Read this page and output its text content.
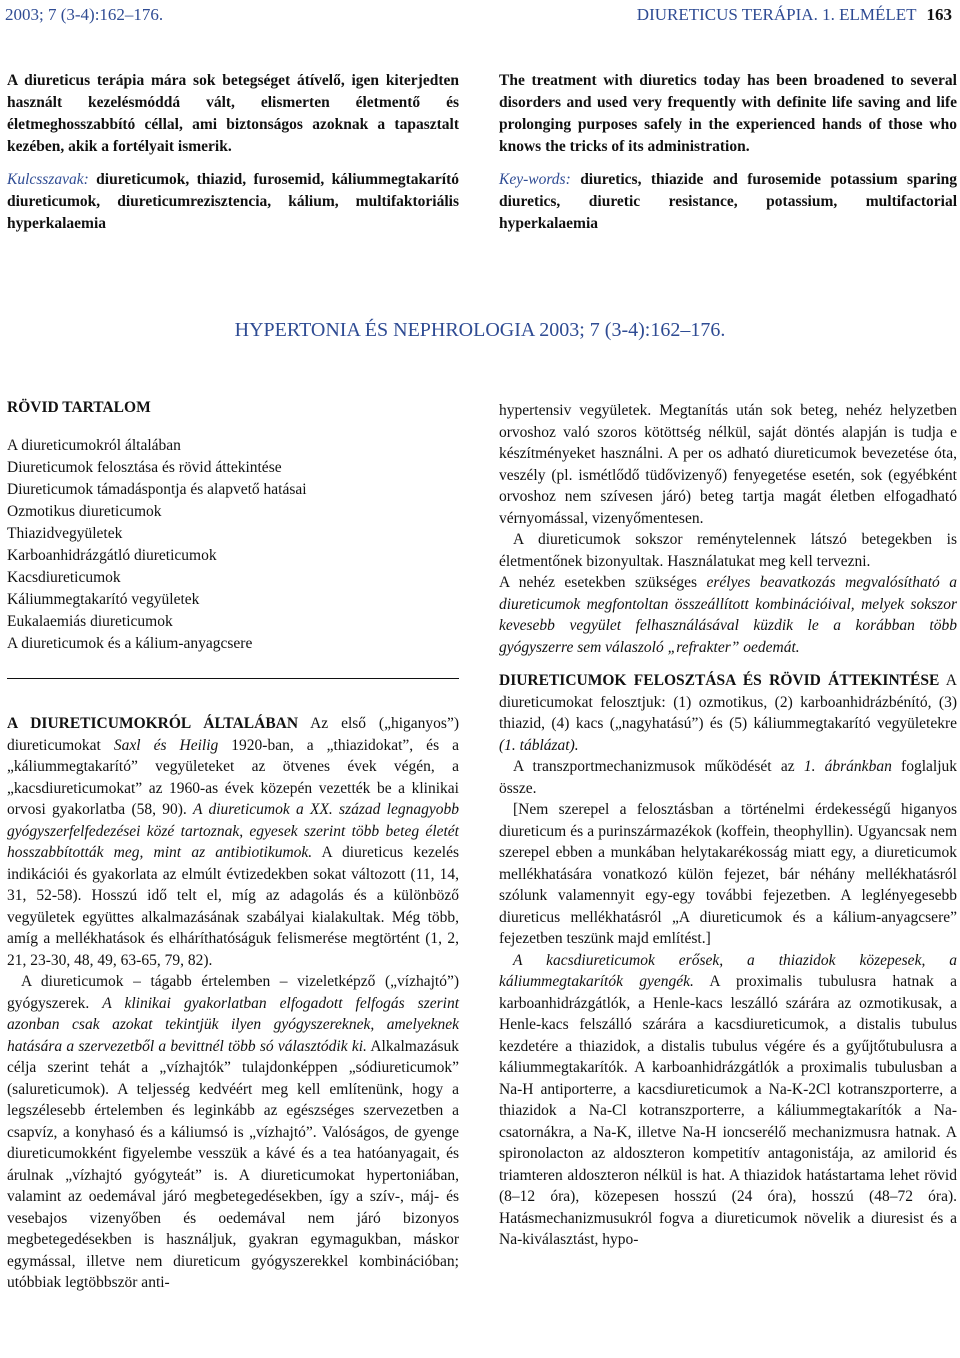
2003; 7 (3-4):162–176.	DIURETICUS TERÁPIA. 1. ELMÉLET 163

A diureticus terápia mára sok betegséget átívelő, igen kiterjedten használt kezelésmóddá vált, elismerten életmentő és életmeghosszabbító céllal, ami biztonságos azoknak a tapasztalt kezében, akik a fortélyait ismerik.

Kulcsszavak: diureticumok, thiazid, furosemid, káliummegtakarító diureticumok, diureticumrezisztencia, kálium, multifaktoriális hyperkalaemia

The treatment with diuretics today has been broadened to several disorders and used very frequently with definite life saving and life prolonging purposes safely in the experienced hands of those who knows the tricks of its administration.

Key-words: diuretics, thiazide and furosemide potassium sparing diuretics, diuretic resistance, potassium, multifactorial hyperkalaemia

HYPERTONIA ÉS NEPHROLOGIA 2003; 7 (3-4):162–176.
RÖVID TARTALOM
A diureticumokról általában
Diureticumok felosztása és rövid áttekintése
Diureticumok támadáspontja és alapvető hatásai
Ozmotikus diureticumok
Thiazidvegyületek
Karboanhidrázgátló diureticumok
Kacsdiureticumok
Káliummegtakarító vegyületek
Eukalaemiás diureticumok
A diureticumok és a kálium-anyagcsere

A DIURETICUMOKRÓL ÁLTALÁBAN Az első („higanyos”) diureticumokat Saxl és Heilig 1920-ban, a „thiazidokat”, és a „káliummegtakarító” vegyületeket az ötvenes évek végén, a „kacsdiureticumokat” az 1960-as évek közepén vezették be a klinikai orvosi gyakorlatba (58, 90). A diureticumok a XX. század legnagyobb gyógyszerfelfedezései közé tartoznak, egyesek szerint több beteg életét hosszabbították meg, mint az antibiotikumok. A diureticus kezelés indikációi és gyakorlata az elmúlt évtizedekben sokat változott (11, 14, 31, 52-58). Hosszú idő telt el, míg az adagolás és a különböző vegyületek együttes alkalmazásának szabályai kialakultak. Még több, amíg a mellékhatások és elháríthatóságuk felismerése megtörtént (1, 2, 21, 23-30, 48, 49, 63-65, 79, 82).

A diureticumok – tágabb értelemben – vizeletképző („vízhajtó”) gyógyszerek. A klinikai gyakorlatban elfogadott felfogás szerint azonban csak azokat tekintjük ilyen gyógyszereknek, amelyeknek hatására a szervezetből a bevittnél több só választódik ki. Alkalmazásuk célja szerint tehát a „vízhajtók” tulajdonképpen „sódiureticumok” (salureticumok). A teljesség kedvéért meg kell említenünk, hogy a legszélesebb értelemben és leginkább az egészséges szervezetben a csapvíz, a konyhasó és a káliumsó is „vízhajtó”. Valóságos, de gyenge diureticumokként figyelembe vesszük a kávé és a tea hatóanyagait, és árulnak „vízhajtó gyógyteát” is. A diureticumokat hypertoniában, valamint az oedemával járó megbetegedésekben, így a szív-, máj- és vesebajos vizenyőben és oedemával nem járó bizonyos megbetegedésekben is használjuk, gyakran egymagukban, máskor egymással, illetve nem diureticum gyógyszerekkel kombinációban; utóbbiak legtöbbször anti-

hypertensiv vegyületek. Megtanítás után sok beteg, nehéz helyzetben orvoshoz való szoros kötöttség nélkül, saját döntés alapján is tudja e készítményeket használni. A per os adható diureticumok bevezetése óta, veszély (pl. ismétlődő tüdővizenyő) fenyegetése esetén, sok (egyébként orvoshoz nem szívesen járó) beteg tartja magát életben elfogadható vérnyomással, vizenyőmentesen.

A diureticumok sokszor reménytelennek látszó betegekben is életmentőnek bizonyultak. Használatukat meg kell tervezni.

A nehéz esetekben szükséges erélyes beavatkozás megvalósítható a diureticumok megfontoltan összeállított kombinációival, melyek sokszor kevesebb vegyület felhasználásával küzdik le a korábban több gyógyszerre sem válaszoló „refrakter” oedemát.

DIURETICUMOK FELOSZTÁSA ÉS RÖVID ÁTTEKINTÉSE A diureticumokat felosztjuk: (1) ozmotikus, (2) karboanhidrázbénító, (3) thiazid, (4) kacs („nagyhatású”) és (5) káliummegtakarító vegyületekre (1. táblázat).

A transzportmechanizmusok működését az 1. ábránkban foglaljuk össze.

[Nem szerepel a felosztásban a történelmi érdekességű higanyos diureticum és a purinszármazékok (koffein, theophyllin). Ugyancsak nem szerepel ebben a munkában helytakarékosság miatt egy, a diureticumok mellékhatására vonatkozó külön fejezet, bár néhány mellékhatásról szólunk valamennyit egy-egy további fejezetben. A leglényegesebb diureticus mellékhatásról „A diureticumok és a kálium-anyagcsere” fejezetben teszünk majd említést.]

A kacsdiureticumok erősek, a thiazidok közepesek, a káliummegtakarítók gyengék. A proximalis tubulusra hatnak a karboanhidrázgátlók, a Henle-kacs leszálló szárára az ozmotikusak, a Henle-kacs felszálló szárára a kacsdiureticumok, a distalis tubulus kezdetére a thiazidok, a distalis tubulus végére és a gyűjtőtubulusra a káliummegtakarítók. A karboanhidrázgátlók a proximalis tubulusban a Na-H antiporterre, a kacsdiureticumok a Na-K-2Cl kotranszporterre, a thiazidok a Na-Cl kotranszporterre, a káliummegtakarítók a Na-csatornákra, a Na-K, illetve Na-H ioncserélő mechanizmusra hatnak. A spironolacton az aldoszteron kompetitív antagonistája, az amilorid és triamteren aldoszteron nélkül is hat. A thiazidok hatástartama lehet rövid (8–12 óra), közepesen hosszú (24 óra), hosszú (48–72 óra). Hatásmechanizmusukról fogva a diureticumok növelik a diuresist és a Na-kiválasztást, hypo-
